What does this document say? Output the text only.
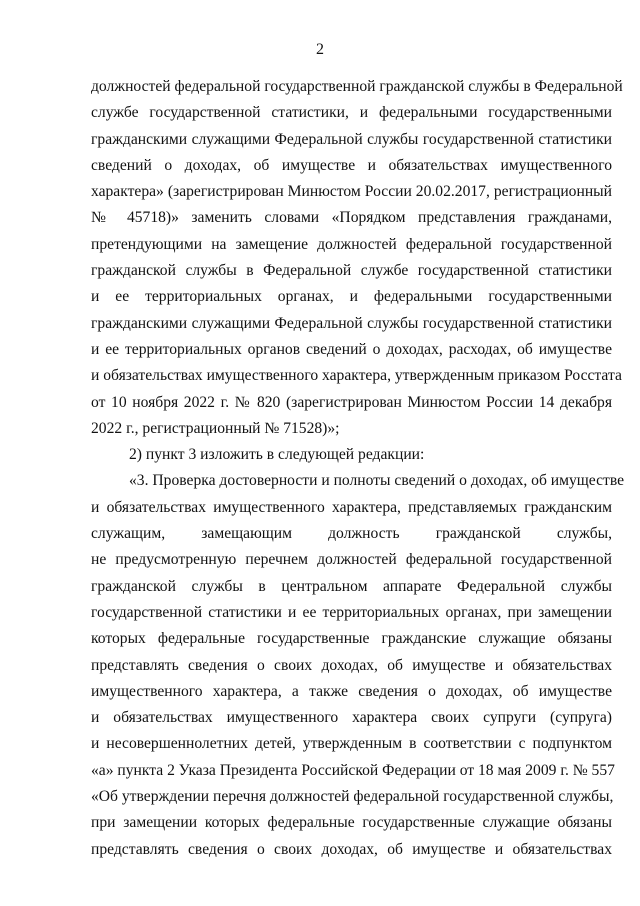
2
должностей федеральной государственной гражданской службы в Федеральной
службе государственной статистики, и федеральными государственными
гражданскими служащими Федеральной службы государственной статистики
сведений о доходах, об имуществе и обязательствах имущественного
характера» (зарегистрирован Минюстом России 20.02.2017, регистрационный
№ 45718)» заменить словами «Порядком представления гражданами,
претендующими на замещение должностей федеральной государственной
гражданской службы в Федеральной службе государственной статистики
и ее территориальных органах, и федеральными государственными
гражданскими служащими Федеральной службы государственной статистики
и ее территориальных органов сведений о доходах, расходах, об имуществе
и обязательствах имущественного характера, утвержденным приказом Росстата
от 10 ноября 2022 г. № 820 (зарегистрирован Минюстом России 14 декабря
2022 г., регистрационный № 71528)»;
2) пункт 3 изложить в следующей редакции:
«3. Проверка достоверности и полноты сведений о доходах, об имуществе
и обязательствах имущественного характера, представляемых гражданским
служащим, замещающим должность гражданской службы,
не предусмотренную перечнем должностей федеральной государственной
гражданской службы в центральном аппарате Федеральной службы
государственной статистики и ее территориальных органах, при замещении
которых федеральные государственные гражданские служащие обязаны
представлять сведения о своих доходах, об имуществе и обязательствах
имущественного характера, а также сведения о доходах, об имуществе
и обязательствах имущественного характера своих супруги (супруга)
и несовершеннолетних детей, утвержденным в соответствии с подпунктом
«а» пункта 2 Указа Президента Российской Федерации от 18 мая 2009 г. № 557
«Об утверждении перечня должностей федеральной государственной службы,
при замещении которых федеральные государственные служащие обязаны
представлять сведения о своих доходах, об имуществе и обязательствах
